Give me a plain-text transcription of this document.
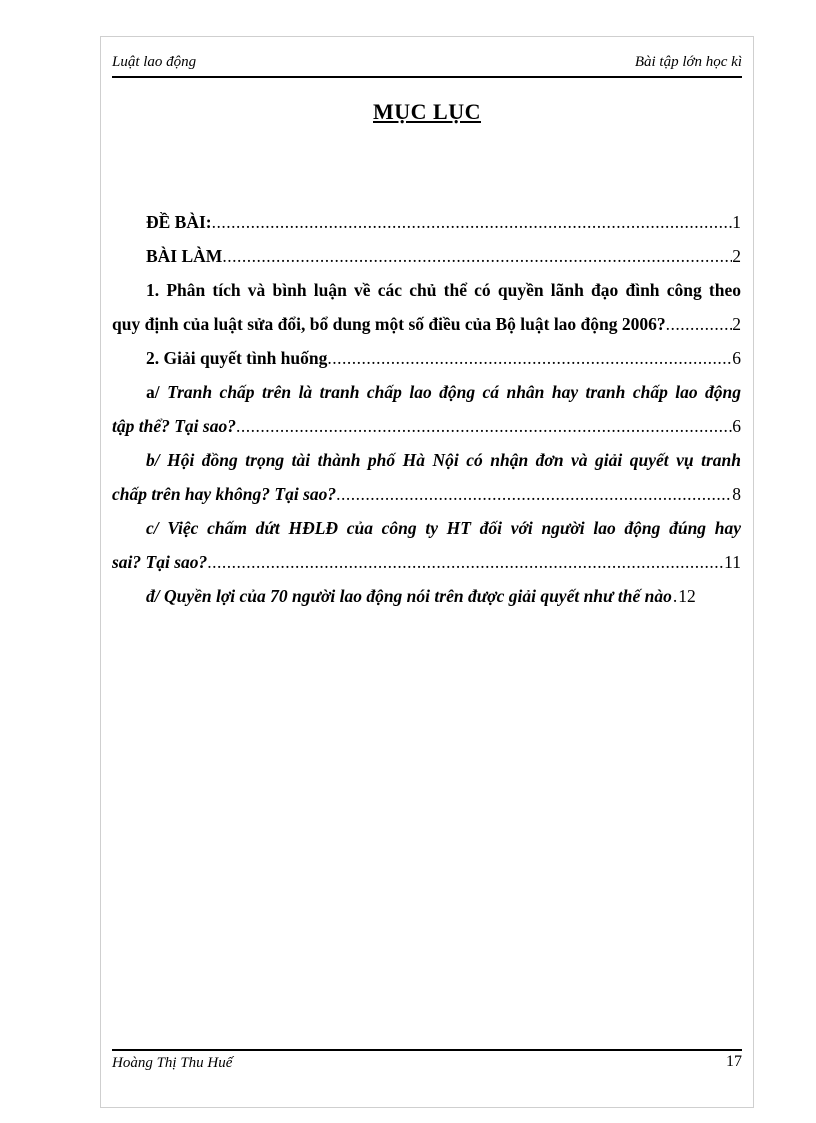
Luật lao động	Bài tập lớn học kì
MỤC LỤC
ĐỀ BÀI: .....	1
BÀI LÀM .....	2
1. Phân tích và bình luận về các chủ thể có quyền lãnh đạo đình công theo
quy định của luật sửa đổi, bổ dung một số điều của Bộ luật lao động 2006? .....	2
2. Giải quyết tình huống .....	6
a/ Tranh chấp trên là tranh chấp lao động cá nhân hay tranh chấp lao động
tập thể? Tại sao? .....	6
b/ Hội đồng trọng tài thành phố Hà Nội có nhận đơn và giải quyết vụ tranh
chấp trên hay không? Tại sao? .....	8
c/ Việc chấm dứt HĐLĐ của công ty HT đối với người lao động đúng hay
sai? Tại sao? .....	11
đ/ Quyền lợi của 70 người lao động nói trên được giải quyết như thế nào . 12
Hoàng Thị Thu Huế	17
